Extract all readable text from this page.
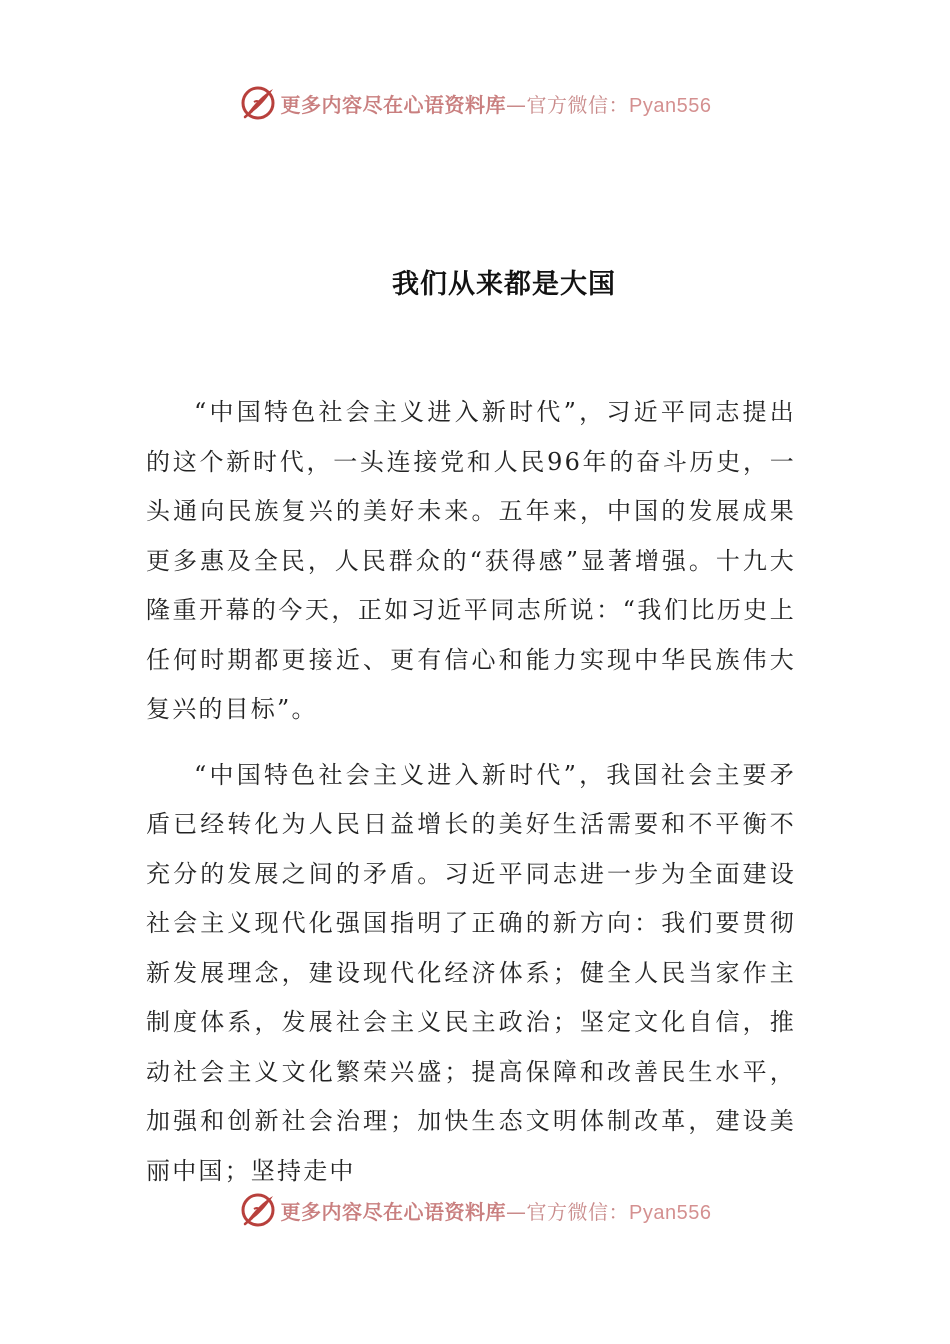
更多内容尽在心语资料库—官方微信：Pyan556
我们从来都是大国

“中国特色社会主义进入新时代”，习近平同志提出的这个新时代，一头连接党和人民96年的奋斗历史，一头通向民族复兴的美好未来。五年来，中国的发展成果更多惠及全民，人民群众的“获得感”显著增强。十九大隆重开幕的今天，正如习近平同志所说：“我们比历史上任何时期都更接近、更有信心和能力实现中华民族伟大复兴的目标”。

“中国特色社会主义进入新时代”，我国社会主要矛盾已经转化为人民日益增长的美好生活需要和不平衡不充分的发展之间的矛盾。习近平同志进一步为全面建设社会主义现代化强国指明了正确的新方向：我们要贯彻新发展理念，建设现代化经济体系；健全人民当家作主制度体系，发展社会主义民主政治；坚定文化自信，推动社会主义文化繁荣兴盛；提高保障和改善民生水平，加强和创新社会治理；加快生态文明体制改革，建设美丽中国；坚持走中

更多内容尽在心语资料库—官方微信：Pyan556
